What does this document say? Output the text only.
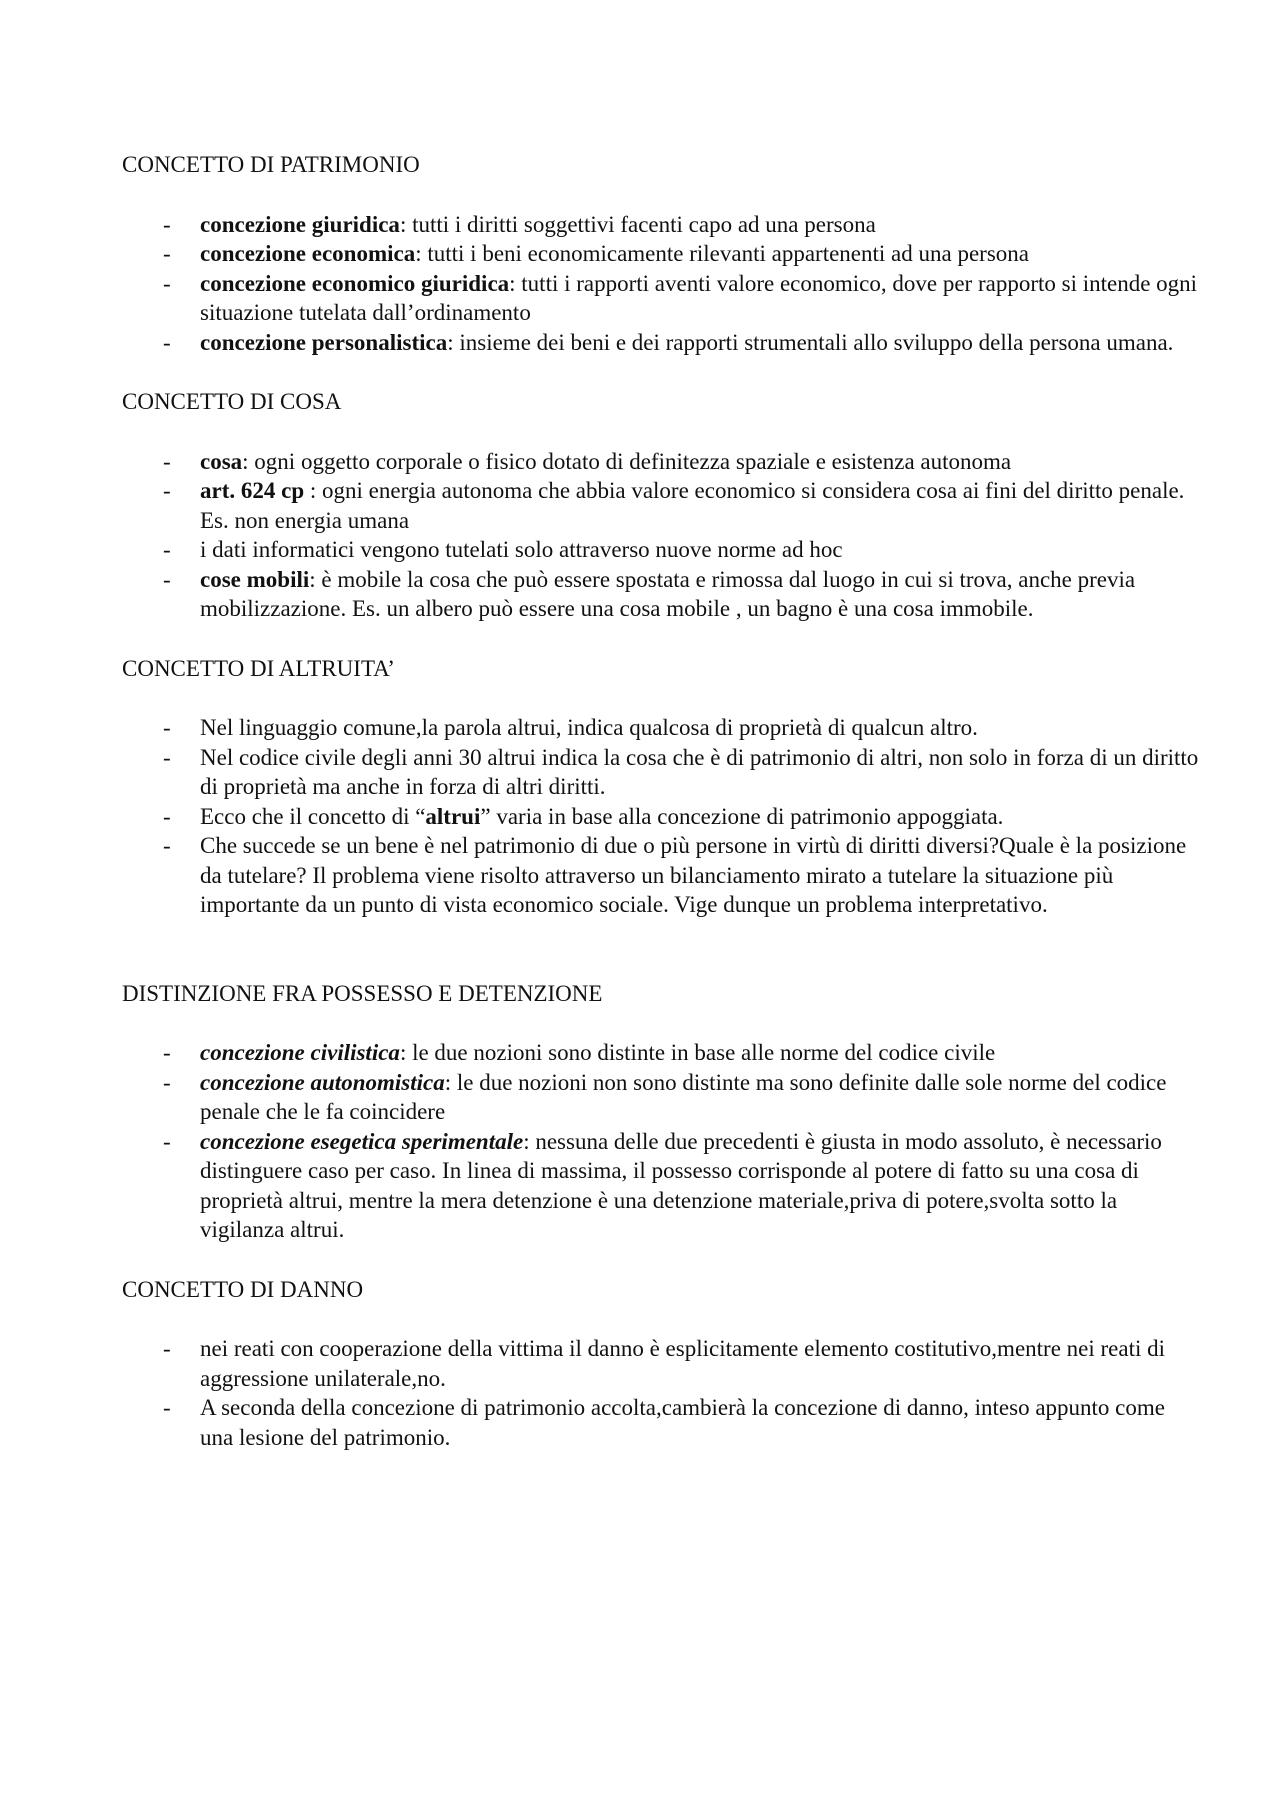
CONCETTO DI PATRIMONIO
- concezione giuridica: tutti i diritti soggettivi facenti capo ad una persona
- concezione economica: tutti i beni economicamente rilevanti appartenenti ad una persona
- concezione economico giuridica: tutti i rapporti aventi valore economico, dove per rapporto si intende ogni situazione tutelata dall’ordinamento
- concezione personalistica: insieme dei beni e dei rapporti strumentali allo sviluppo della persona umana.
CONCETTO DI COSA
- cosa: ogni oggetto corporale o fisico dotato di definitezza spaziale e esistenza autonoma
- art. 624 cp : ogni energia autonoma che abbia valore economico si considera cosa ai fini del diritto penale. Es. non energia umana
- i dati informatici vengono tutelati solo attraverso nuove norme ad hoc
- cose mobili: è mobile la cosa che può essere spostata e rimossa dal luogo in cui si trova, anche previa mobilizzazione. Es. un albero può essere una cosa mobile , un bagno è una cosa immobile.
CONCETTO DI ALTRUITA’
- Nel linguaggio comune,la parola altrui, indica qualcosa di proprietà di qualcun altro.
- Nel codice civile degli anni 30 altrui indica la cosa che è di patrimonio di altri, non solo in forza di un diritto di proprietà ma anche in forza di altri diritti.
- Ecco che il concetto di “altrui” varia in base alla concezione di patrimonio appoggiata.
- Che succede se un bene è nel patrimonio di due o più persone in virtù di diritti diversi?Quale è la posizione da tutelare? Il problema viene risolto attraverso un bilanciamento mirato a tutelare la situazione più importante da un punto di vista economico sociale. Vige dunque un problema interpretativo.
DISTINZIONE FRA POSSESSO E DETENZIONE
- concezione civilistica: le due nozioni sono distinte in base alle norme del codice civile
- concezione autonomistica: le due nozioni non sono distinte ma sono definite dalle sole norme del codice penale che le fa coincidere
- concezione esegetica sperimentale: nessuna delle due precedenti è giusta in modo assoluto, è necessario distinguere caso per caso. In linea di massima, il possesso corrisponde al potere di fatto su una cosa di proprietà altrui, mentre la mera detenzione è una detenzione materiale,priva di potere,svolta sotto la vigilanza altrui.
CONCETTO DI DANNO
- nei reati con cooperazione della vittima il danno è esplicitamente elemento costitutivo,mentre nei reati di aggressione unilaterale,no.
- A seconda della concezione di patrimonio accolta,cambierà la concezione di danno, inteso appunto come una lesione del patrimonio.
